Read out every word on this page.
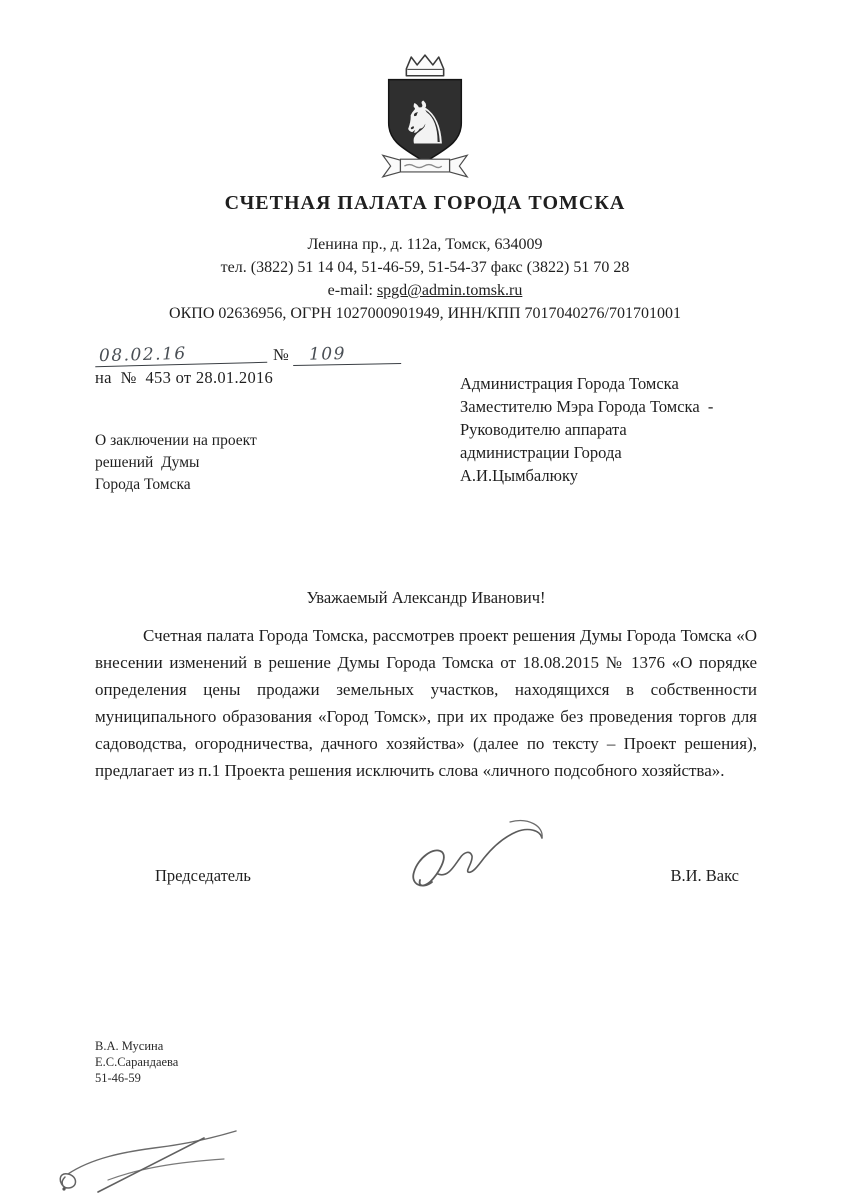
♞
СЧЕТНАЯ ПАЛАТА ГОРОДА ТОМСКА
Ленина пр., д. 112а, Томск, 634009
тел. (3822) 51 14 04, 51-46-59, 51-54-37 факс (3822) 51 70 28
e-mail: spgd@admin.tomsk.ru
ОКПО 02636956, ОГРН 1027000901949, ИНН/КПП 7017040276/701701001
08.02.16	№	109
на  №  453 от 28.01.2016	Администрация Города Томска
Заместителю Мэра Города Томска  -
Руководителю аппарата
администрации Города
А.И.Цымбалюку
О заключении на проект
решений  Думы
Города Томска
Уважаемый Александр Иванович!
Счетная палата Города Томска, рассмотрев проект решения Думы Города Томска «О внесении изменений в решение Думы Города Томска от 18.08.2015 № 1376 «О порядке определения цены продажи земельных участков, находящихся в собственности муниципального образования «Город Томск», при их продаже без проведения торгов для садоводства, огородничества, дачного хозяйства» (далее по тексту – Проект решения), предлагает из п.1 Проекта решения исключить слова «личного подсобного хозяйства».
Председатель	В.И. Вакс
В.А. Мусина
Е.С.Сарандаева
51-46-59
